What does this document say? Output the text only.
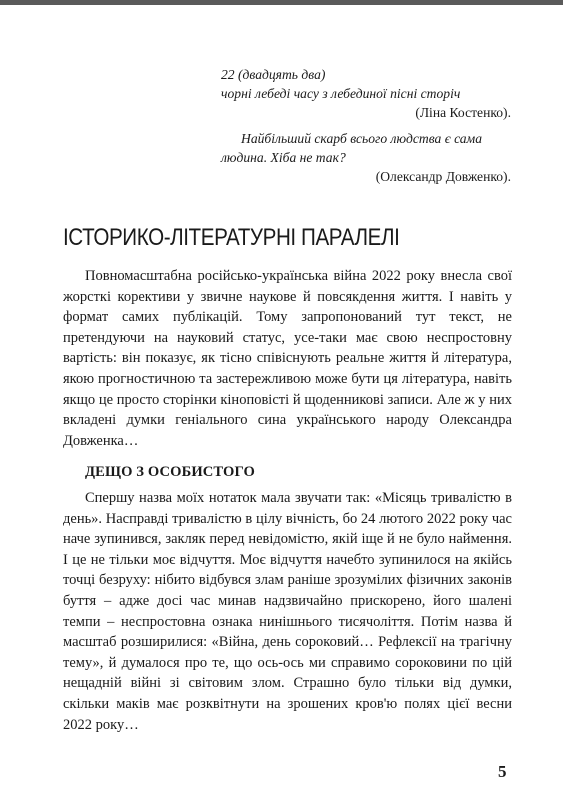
22 (двадцять два)
чорні лебеді часу з лебединої пісні сторіч
(Ліна Костенко).
Найбільший скарб всього людства є сама
людина. Хіба не так?
(Олександр Довженко).
ІСТОРИКО-ЛІТЕРАТУРНІ ПАРАЛЕЛІ

Повномасштабна російсько-українська війна 2022 року внесла свої жорсткі корективи у звичне наукове й повсякдення життя. І навіть у формат самих публікацій. Тому запропонований тут текст, не претендуючи на науковий статус, усе-таки має свою неспростовну вартість: він показує, як тісно співіснують реальне життя й література, якою прогностичною та застережливою може бути ця література, навіть якщо це просто сторінки кіноповісті й щоденникові записи. Але ж у них вкладені думки геніального сина українського народу Олександра Довженка…

ДЕЩО З ОСОБИСТОГО

Спершу назва моїх нотаток мала звучати так: «Місяць тривалістю в день». Насправді тривалістю в цілу вічність, бо 24 лютого 2022 року час наче зупинився, закляк перед невідомістю, якій іще й не було наймення. І це не тільки моє відчуття. Моє відчуття начебто зупинилося на якійсь точці безруху: нібито відбувся злам раніше зрозумілих фізичних законів буття – адже досі час минав надзвичайно прискорено, його шалені темпи – неспростовна ознака нинішнього тисячоліття. Потім назва й масштаб розширилися: «Війна, день сороковий… Рефлексії на трагічну тему», й думалося про те, що ось-ось ми справимо сороковини по цій нещадній війні зі світовим злом. Страшно було тільки від думки, скільки маків має розквітнути на зрошених кров'ю полях цієї весни 2022 року…

5
